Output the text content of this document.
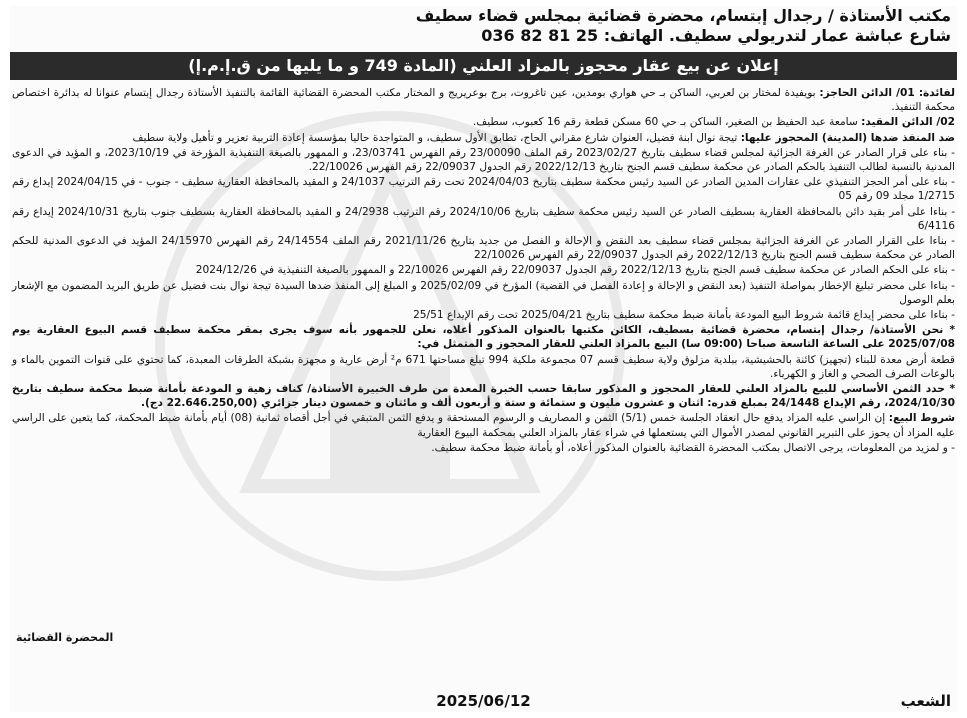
مكتب الأستاذة / رجدال إبتسام، محضرة قضائية بمجلس قضاء سطيف
شارع عباشة عمار لتدريولي سطيف. الهاتف: 25 81 82 036
إعلان عن بيع عقار محجوز بالمزاد العلني (المادة 749 و ما يليها من ق.إ.م.إ)

لفائدة: 01/ الدائن الحاجز: بويفيدة لمختار بن لعربي، الساكن بـ حي هواري بومدين، عين تاغروت، برج بوعريريج و المختار مكتب المحضرة القضائية القائمة بالتنفيذ الأستاذة رجدال إبتسام عنوانا له بدائرة اختصاص محكمة التنفيذ.

02/ الدائن المقيد: سامعة عبد الحفيظ بن الصغير، الساكن بـ حي 60 مسكن قطعة رقم 16 كعبوب، سطيف.

ضد المنفذ ضدها (المدينة) المحجوز عليها: تيجة نوال ابنة فضيل، العنوان شارع مقراني الحاج، تطابق الأول سطيف، و المتواجدة حاليا بمؤسسة إعادة التربية تعزير و تأهيل ولاية سطيف

- بناء على قرار الصادر عن الغرفة الجزائية لمجلس قضاء سطيف بتاريخ 2023/02/27 رقم الملف 23/00090 رقم الفهرس 23/03741، و الممهور بالصيغة التنفيذية المؤرخة في 2023/10/19، و المؤيد في الدعوى المدنية بالنسبة لطالب التنفيذ بالحكم الصادر عن محكمة سطيف قسم الجنح بتاريخ 2022/12/13 رقم الجدول 22/09037 رقم الفهرس 22/10026.

- بناء على أمر الحجز التنفيذي على عقارات المدين الصادر عن السيد رئيس محكمة سطيف بتاريخ 2024/04/03 تحت رقم الترتيب 24/1037 و المقيد بالمحافظة العقارية سطيف - جنوب - في 2024/04/15 إيداع رقم 1/2715 مجلد 09 رقم 05

- بناءا على أمر بقيد دائن بالمحافظة العقارية بسطيف الصادر عن السيد رئيس محكمة سطيف بتاريخ 2024/10/06 رقم الترتيب 24/2938 و المقيد بالمحافظة العقارية بسطيف جنوب بتاريخ 2024/10/31 إيداع رقم 6/4116

- بناءا على القرار الصادر عن الغرفة الجزائية بمجلس قضاء سطيف بعد النقض و الإحالة و الفصل من جديد بتاريخ 2021/11/26 رقم الملف 24/14554 رقم الفهرس 24/15970 المؤيد في الدعوى المدنية للحكم الصادر عن محكمة سطيف قسم الجنح بتاريخ 2022/12/13 رقم الجدول 22/09037 رقم الفهرس 22/10026

- بناء على الحكم الصادر عن محكمة سطيف قسم الجنح بتاريخ 2022/12/13 رقم الجدول 22/09037 رقم الفهرس 22/10026 و الممهور بالصيغة التنفيذية في 2024/12/26

- بناءا على محضر تبليغ الإخطار بمواصلة التنفيذ (بعد النقض و الإحالة و إعادة الفصل في القضية) المؤرخ في 2025/02/09 و المبلغ إلى المنفذ ضدها السيدة تيجة نوال بنت فضيل عن طريق البريد المضمون مع الإشعار بعلم الوصول

- بناءا على محضر إيداع قائمة شروط البيع المودعة بأمانة ضبط محكمة سطيف بتاريخ 2025/04/21 تحت رقم الإيداع 25/51

* نحن الأستاذة/ رجدال إبتسام، محضرة قضائية بسطيف، الكائن مكتبها بالعنوان المذكور أعلاه، نعلن للجمهور بأنه سوف يجرى بمقر محكمة سطيف قسم البيوع العقارية يوم 2025/07/08 على الساعة التاسعة صباحا (09:00 سا) البيع بالمزاد العلني للعقار المحجوز و المتمثل في:

قطعة أرض معدة للبناء (تجهيز) كائنة بالحشيشية، ببلدية مزلوق ولاية سطيف قسم 07 مجموعة ملكية 994 تبلغ مساحتها 671 م² أرض عارية و مجهزة بشبكة الطرقات المعبدة، كما تحتوي على قنوات التموين بالماء و بالوعات الصرف الصحي و الغاز و الكهرباء.

* حدد الثمن الأساسي للبيع بالمزاد العلني للعقار المحجوز و المذكور سابقا حسب الخبرة المعدة من طرف الخبيرة الأستاذة/ كناف زهية و المودعة بأمانة ضبط محكمة سطيف بتاريخ 2024/10/30، رقم الإيداع 24/1448 بمبلغ قدره: اثنان و عشرون مليون و ستمائة و ستة و أربعون ألف و مائتان و خمسون دينار جزائري (22.646.250,00 دج).

شروط البيع: إن الراسي عليه المزاد يدفع حال انعقاد الجلسة خمس (5/1) الثمن و المصاريف و الرسوم المستحقة و يدفع الثمن المتبقي في أجل أقصاه ثمانية (08) أيام بأمانة ضبط المحكمة، كما يتعين على الراسي عليه المزاد أن يحوز على التبرير القانوني لمصدر الأموال التي يستعملها في شراء عقار بالمزاد العلني بمحكمة البيوع العقارية

- و لمزيد من المعلومات، يرجى الاتصال بمكتب المحضرة القضائية بالعنوان المذكور أعلاه، أو بأمانة ضبط محكمة سطيف.

المحضرة القضائية
الشعب
2025/06/12
